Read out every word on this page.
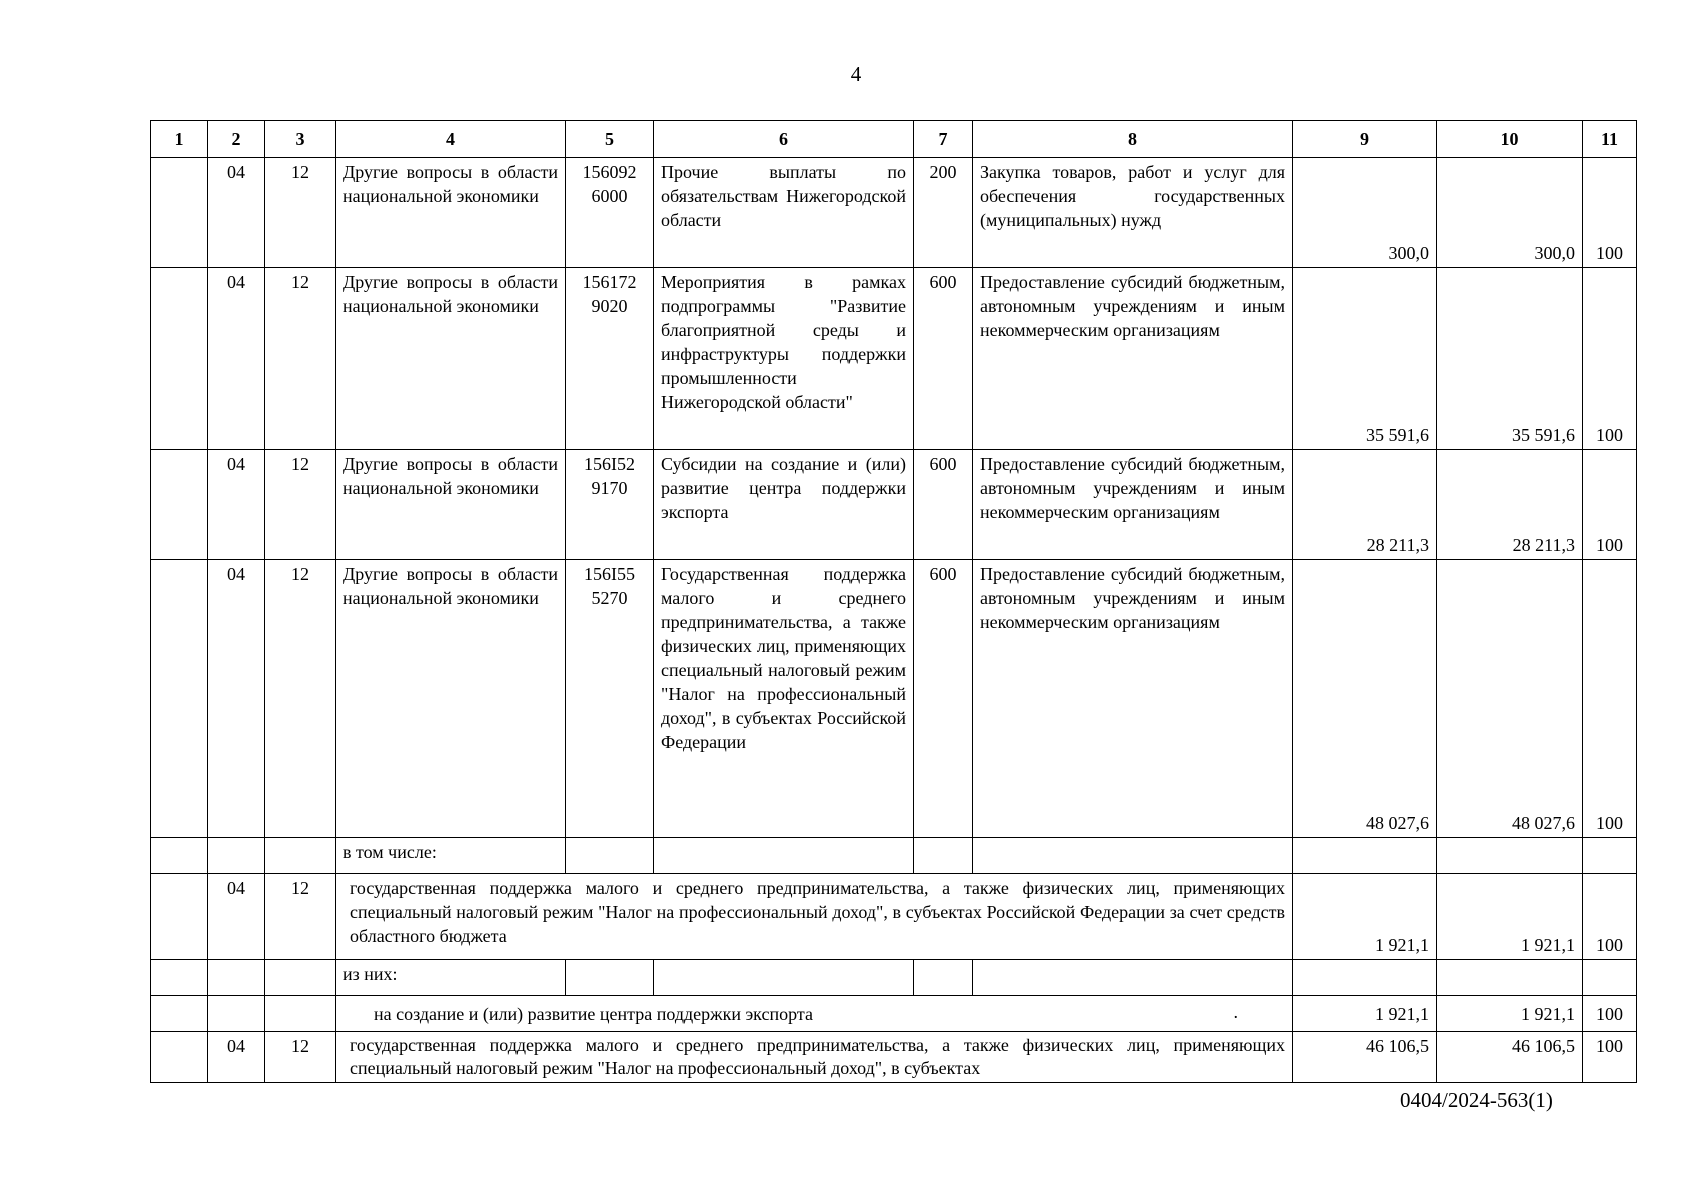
4
1	2	3	4	5	6	7	8	9	10	11
	04	12	Другие вопросы в области национальной экономики	156092 6000	Прочие выплаты по обязательствам Нижегородской области	200	Закупка товаров, работ и услуг для обеспечения государственных (муниципальных) нужд	300,0	300,0	100
	04	12	Другие вопросы в области национальной экономики	156172 9020	Мероприятия в рамках подпрограммы "Развитие благоприятной среды и инфраструктуры поддержки промышленности Нижегородской области"	600	Предоставление субсидий бюджетным, автономным учреждениям и иным некоммерческим организациям	35 591,6	35 591,6	100
	04	12	Другие вопросы в области национальной экономики	156I52 9170	Субсидии на создание и (или) развитие центра поддержки экспорта	600	Предоставление субсидий бюджетным, автономным учреждениям и иным некоммерческим организациям	28 211,3	28 211,3	100
	04	12	Другие вопросы в области национальной экономики	156I55 5270	Государственная поддержка малого и среднего предпринимательства, а также физических лиц, применяющих специальный налоговый режим "Налог на профессиональный доход", в субъектах Российской Федерации	600	Предоставление субсидий бюджетным, автономным учреждениям и иным некоммерческим организациям	48 027,6	48 027,6	100
			в том числе:							
	04	12	государственная поддержка малого и среднего предпринимательства, а также физических лиц, применяющих специальный налоговый режим "Налог на профессиональный доход", в субъектах Российской Федерации за счет средств областного бюджета					1 921,1	1 921,1	100
			из них:							
			на создание и (или) развитие центра поддержки экспорта .					1 921,1	1 921,1	100
	04	12	государственная поддержка малого и среднего предпринимательства, а также физических лиц, применяющих специальный налоговый режим "Налог на профессиональный доход", в субъектах					46 106,5	46 106,5	100
0404/2024-563(1)
